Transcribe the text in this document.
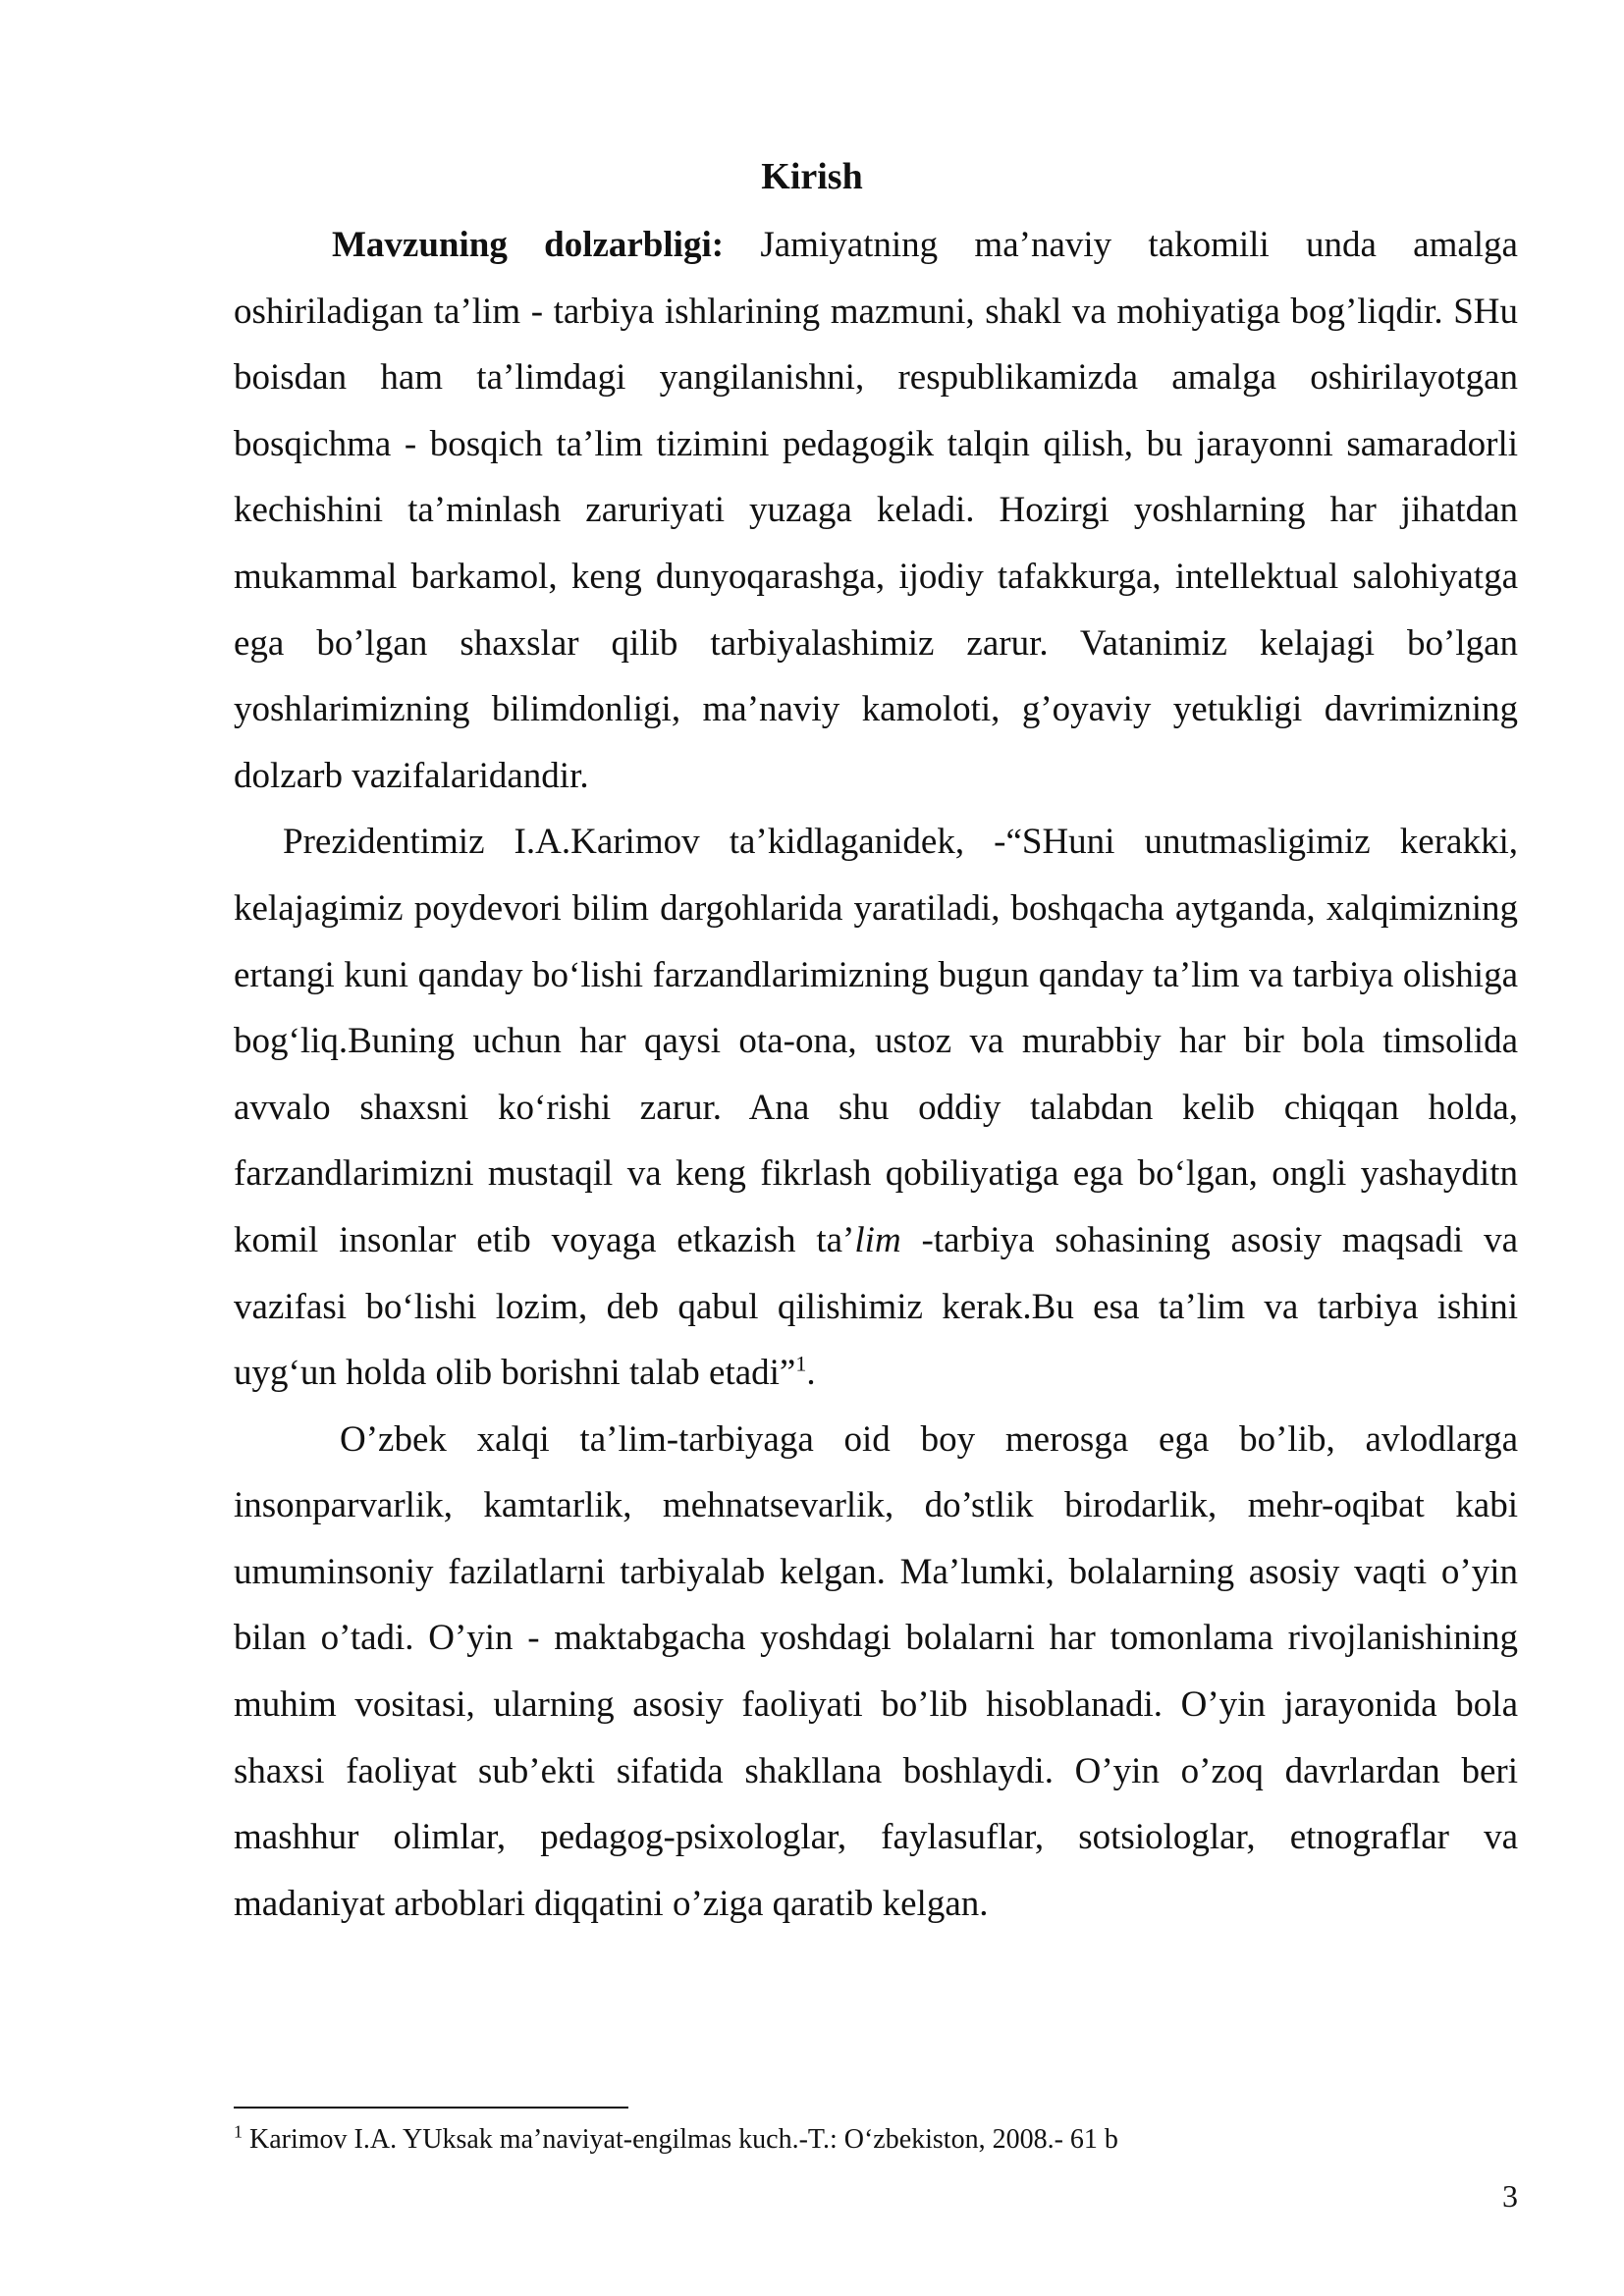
Kirish

Mavzuning dolzarbligi: Jamiyatning ma’naviy takomili unda amalga oshiriladigan ta’lim - tarbiya ishlarining mazmuni, shakl va mohiyatiga bog’liqdir. SHu boisdan ham ta’limdagi yangilanishni, respublikamizda amalga oshirilayotgan bosqichma - bosqich ta’lim tizimini pedagogik talqin qilish, bu jarayonni samaradorli kechishini ta’minlash zaruriyati yuzaga keladi. Hozirgi yoshlarning har jihatdan mukammal barkamol, keng dunyoqarashga, ijodiy tafakkurga, intellektual salohiyatga ega bo’lgan shaxslar qilib tarbiyalashimiz zarur. Vatanimiz kelajagi bo’lgan yoshlarimizning bilimdonligi, ma’naviy kamoloti, g’oyaviy yetukligi davrimizning dolzarb vazifalaridandir.

Prezidentimiz I.A.Karimov ta’kidlaganidek, -“SHuni unutmasligimiz kerakki, kelajagimiz poydevori bilim dargohlarida yaratiladi, boshqacha aytganda, xalqimizning ertangi kuni qanday bo‘lishi farzandlarimizning bugun qanday ta’lim va tarbiya olishiga bog‘liq.Buning uchun har qaysi ota-ona, ustoz va murabbiy har bir bola timsolida avvalo shaxsni ko‘rishi zarur. Ana shu oddiy talabdan kelib chiqqan holda, farzandlarimizni mustaqil va keng fikrlash qobiliyatiga ega bo‘lgan, ongli yashayditn komil insonlar etib voyaga etkazish ta’lim -tarbiya sohasining asosiy maqsadi va vazifasi bo‘lishi lozim, deb qabul qilishimiz kerak.Bu esa ta’lim va tarbiya ishini uyg‘un holda olib borishni talab etadi”$^1$.

O’zbek xalqi ta’lim-tarbiyaga oid boy merosga ega bo’lib, avlodlarga insonparvarlik, kamtarlik, mehnatsevarlik, do’stlik birodarlik, mehr-oqibat kabi umuminsoniy fazilatlarni tarbiyalab kelgan. Ma’lumki, bolalarning asosiy vaqti o’yin bilan o’tadi. O’yin - maktabgacha yoshdagi bolalarni har tomonlama rivojlanishining muhim vositasi, ularning asosiy faoliyati bo’lib hisoblanadi. O’yin jarayonida bola shaxsi faoliyat sub’ekti sifatida shakllana boshlaydi. O’yin o’zoq davrlardan beri mashhur olimlar, pedagog-psixologlar, faylasuflar, sotsiologlar, etnograflar va madaniyat arboblari diqqatini o’ziga qaratib kelgan.

$^1$ Karimov I.A. YUksak ma’naviyat-engilmas kuch.-T.: O‘zbekiston, 2008.- 61 b
3
